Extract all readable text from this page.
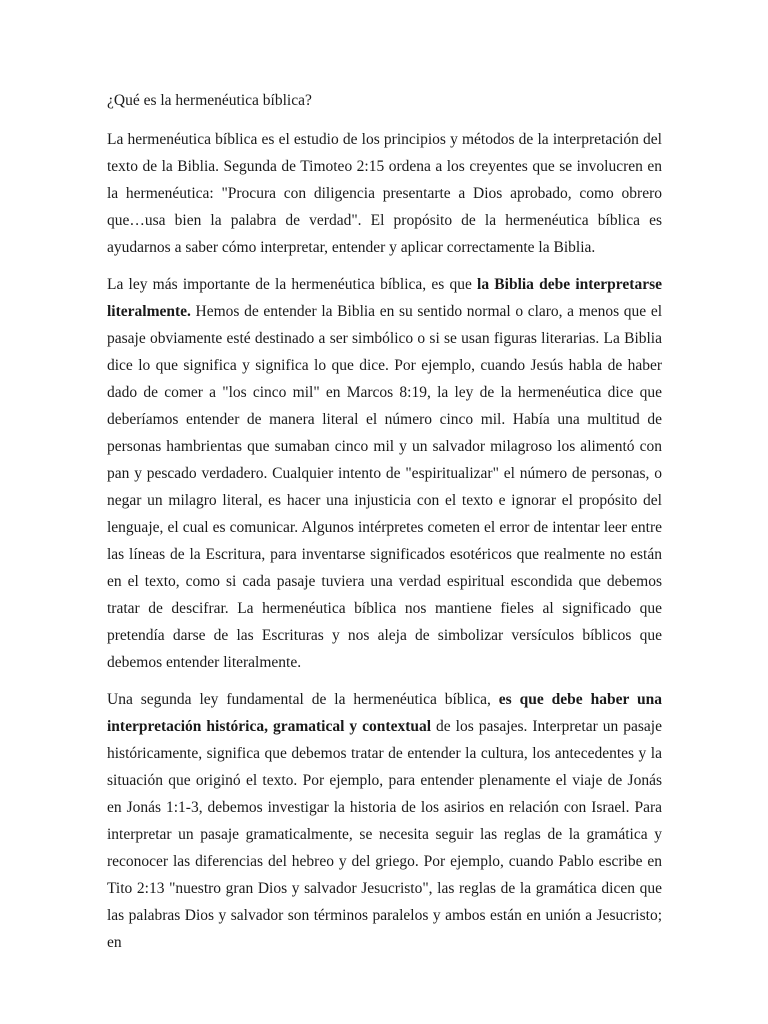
¿Qué es la hermenéutica bíblica?

La hermenéutica bíblica es el estudio de los principios y métodos de la interpretación del texto de la Biblia. Segunda de Timoteo 2:15 ordena a los creyentes que se involucren en la hermenéutica: "Procura con diligencia presentarte a Dios aprobado, como obrero que…usa bien la palabra de verdad". El propósito de la hermenéutica bíblica es ayudarnos a saber cómo interpretar, entender y aplicar correctamente la Biblia.

La ley más importante de la hermenéutica bíblica, es que la Biblia debe interpretarse literalmente. Hemos de entender la Biblia en su sentido normal o claro, a menos que el pasaje obviamente esté destinado a ser simbólico o si se usan figuras literarias. La Biblia dice lo que significa y significa lo que dice. Por ejemplo, cuando Jesús habla de haber dado de comer a "los cinco mil" en Marcos 8:19, la ley de la hermenéutica dice que deberíamos entender de manera literal el número cinco mil. Había una multitud de personas hambrientas que sumaban cinco mil y un salvador milagroso los alimentó con pan y pescado verdadero. Cualquier intento de "espiritualizar" el número de personas, o negar un milagro literal, es hacer una injusticia con el texto e ignorar el propósito del lenguaje, el cual es comunicar. Algunos intérpretes cometen el error de intentar leer entre las líneas de la Escritura, para inventarse significados esotéricos que realmente no están en el texto, como si cada pasaje tuviera una verdad espiritual escondida que debemos tratar de descifrar. La hermenéutica bíblica nos mantiene fieles al significado que pretendía darse de las Escrituras y nos aleja de simbolizar versículos bíblicos que debemos entender literalmente.

Una segunda ley fundamental de la hermenéutica bíblica, es que debe haber una interpretación histórica, gramatical y contextual de los pasajes. Interpretar un pasaje históricamente, significa que debemos tratar de entender la cultura, los antecedentes y la situación que originó el texto. Por ejemplo, para entender plenamente el viaje de Jonás en Jonás 1:1-3, debemos investigar la historia de los asirios en relación con Israel. Para interpretar un pasaje gramaticalmente, se necesita seguir las reglas de la gramática y reconocer las diferencias del hebreo y del griego. Por ejemplo, cuando Pablo escribe en Tito 2:13 "nuestro gran Dios y salvador Jesucristo", las reglas de la gramática dicen que las palabras Dios y salvador son términos paralelos y ambos están en unión a Jesucristo; en
